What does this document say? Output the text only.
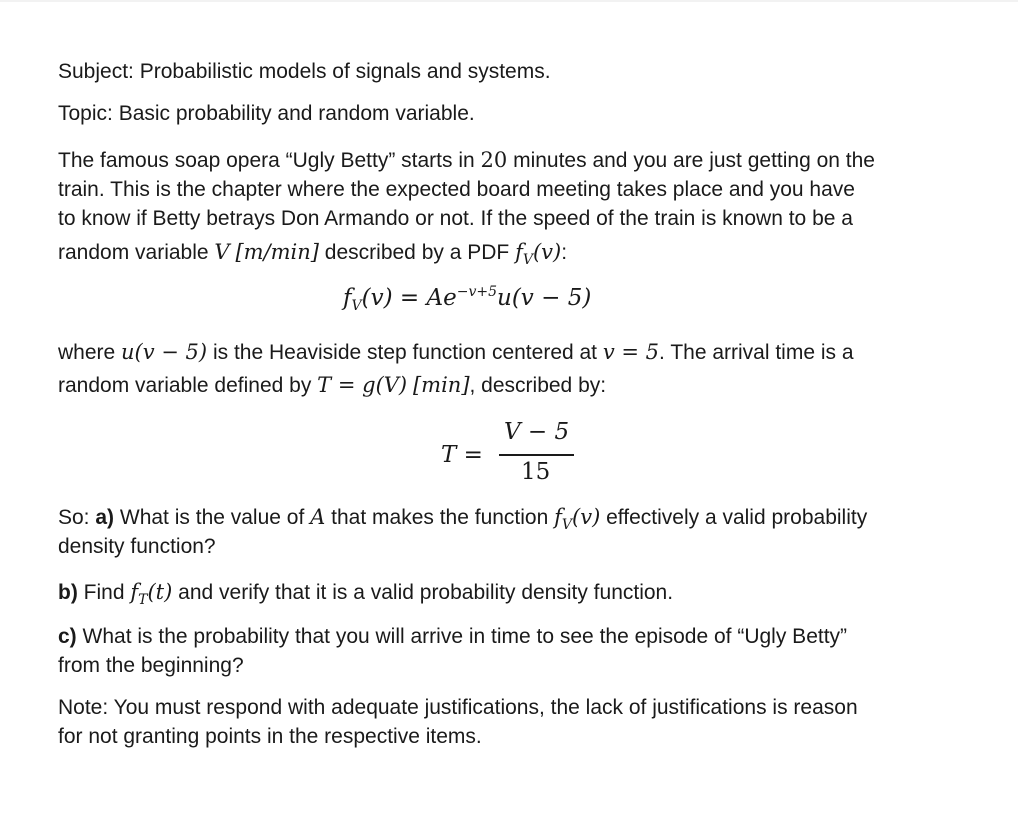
Subject: Probabilistic models of signals and systems.
Topic: Basic probability and random variable.
The famous soap opera “Ugly Betty” starts in 20 minutes and you are just getting on the
train. This is the chapter where the expected board meeting takes place and you have
to know if Betty betrays Don Armando or not. If the speed of the train is known to be a
random variable V [m/min] described by a PDF $f_V(v)$:
$f_V(v) = Ae^{-v+5}u(v - 5)$
where u(v − 5) is the Heaviside step function centered at v = 5. The arrival time is a
random variable defined by T = g(V) [min], described by:
T =
V − 5
15
So: a) What is the value of A that makes the function $f_V(v)$ effectively a valid probability
density function?
b) Find $f_T(t)$ and verify that it is a valid probability density function.
c) What is the probability that you will arrive in time to see the episode of “Ugly Betty”
from the beginning?
Note: You must respond with adequate justifications, the lack of justifications is reason
for not granting points in the respective items.
